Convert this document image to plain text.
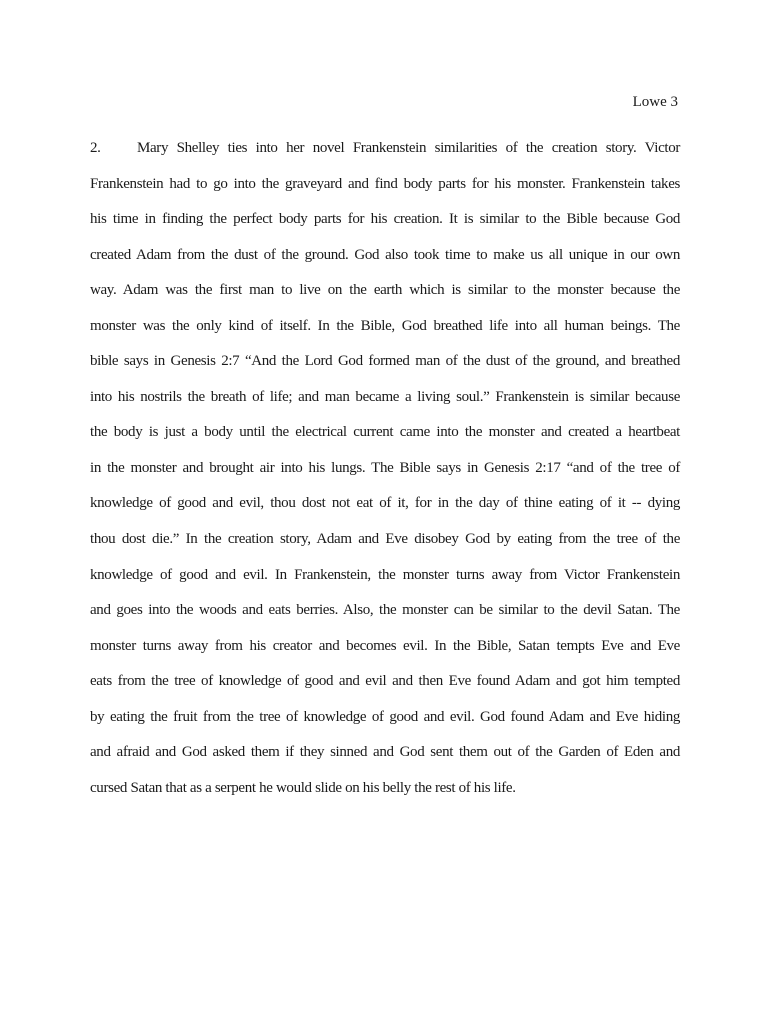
Lowe 3
2. Mary Shelley ties into her novel Frankenstein similarities of the creation story. Victor
Frankenstein had to go into the graveyard and find body parts for his monster. Frankenstein takes
his time in finding the perfect body parts for his creation. It is similar to the Bible because God
created Adam from the dust of the ground. God also took time to make us all unique in our own
way. Adam was the first man to live on the earth which is similar to the monster because the
monster was the only kind of itself. In the Bible, God breathed life into all human beings. The
bible says in Genesis 2:7 “And the Lord God formed man of the dust of the ground, and breathed
into his nostrils the breath of life; and man became a living soul.” Frankenstein is similar because
the body is just a body until the electrical current came into the monster and created a heartbeat
in the monster and brought air into his lungs. The Bible says in Genesis 2:17 “and of the tree of
knowledge of good and evil, thou dost not eat of it, for in the day of thine eating of it -- dying
thou dost die.” In the creation story, Adam and Eve disobey God by eating from the tree of the
knowledge of good and evil. In Frankenstein, the monster turns away from Victor Frankenstein
and goes into the woods and eats berries. Also, the monster can be similar to the devil Satan. The
monster turns away from his creator and becomes evil. In the Bible, Satan tempts Eve and Eve
eats from the tree of knowledge of good and evil and then Eve found Adam and got him tempted
by eating the fruit from the tree of knowledge of good and evil. God found Adam and Eve hiding
and afraid and God asked them if they sinned and God sent them out of the Garden of Eden and
cursed Satan that as a serpent he would slide on his belly the rest of his life.
